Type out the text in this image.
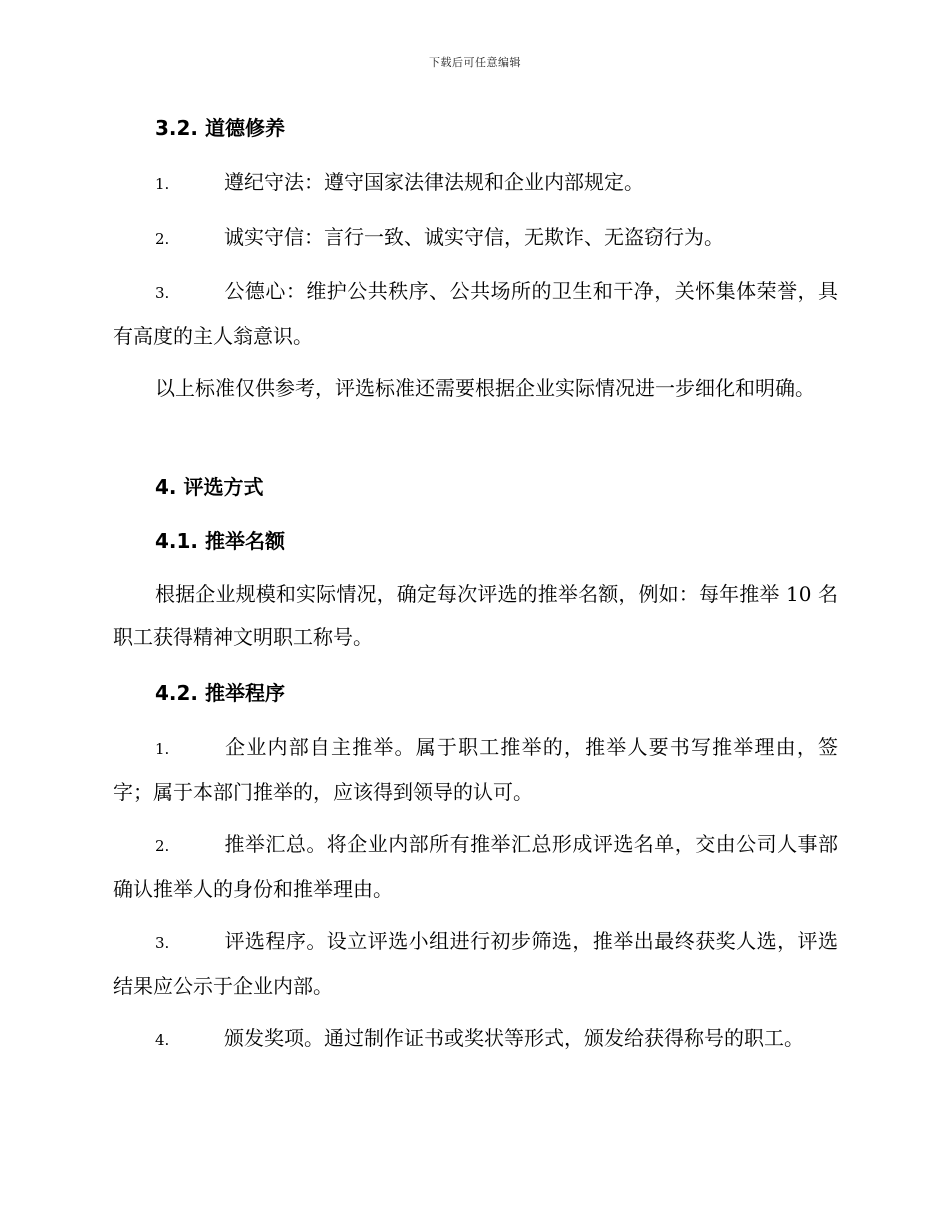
下载后可任意编辑
3.2. 道德修养
1.	遵纪守法：遵守国家法律法规和企业内部规定。
2.	诚实守信：言行一致、诚实守信，无欺诈、无盗窃行为。
3.	公德心：维护公共秩序、公共场所的卫生和干净，关怀集体荣誉，具有高度的主人翁意识。
以上标准仅供参考，评选标准还需要根据企业实际情况进一步细化和明确。
4. 评选方式
4.1. 推举名额
根据企业规模和实际情况，确定每次评选的推举名额，例如：每年推举 10 名职工获得精神文明职工称号。
4.2. 推举程序
1.	企业内部自主推举。属于职工推举的，推举人要书写推举理由，签字；属于本部门推举的，应该得到领导的认可。
2.	推举汇总。将企业内部所有推举汇总形成评选名单，交由公司人事部确认推举人的身份和推举理由。
3.	评选程序。设立评选小组进行初步筛选，推举出最终获奖人选，评选结果应公示于企业内部。
4.	颁发奖项。通过制作证书或奖状等形式，颁发给获得称号的职工。
